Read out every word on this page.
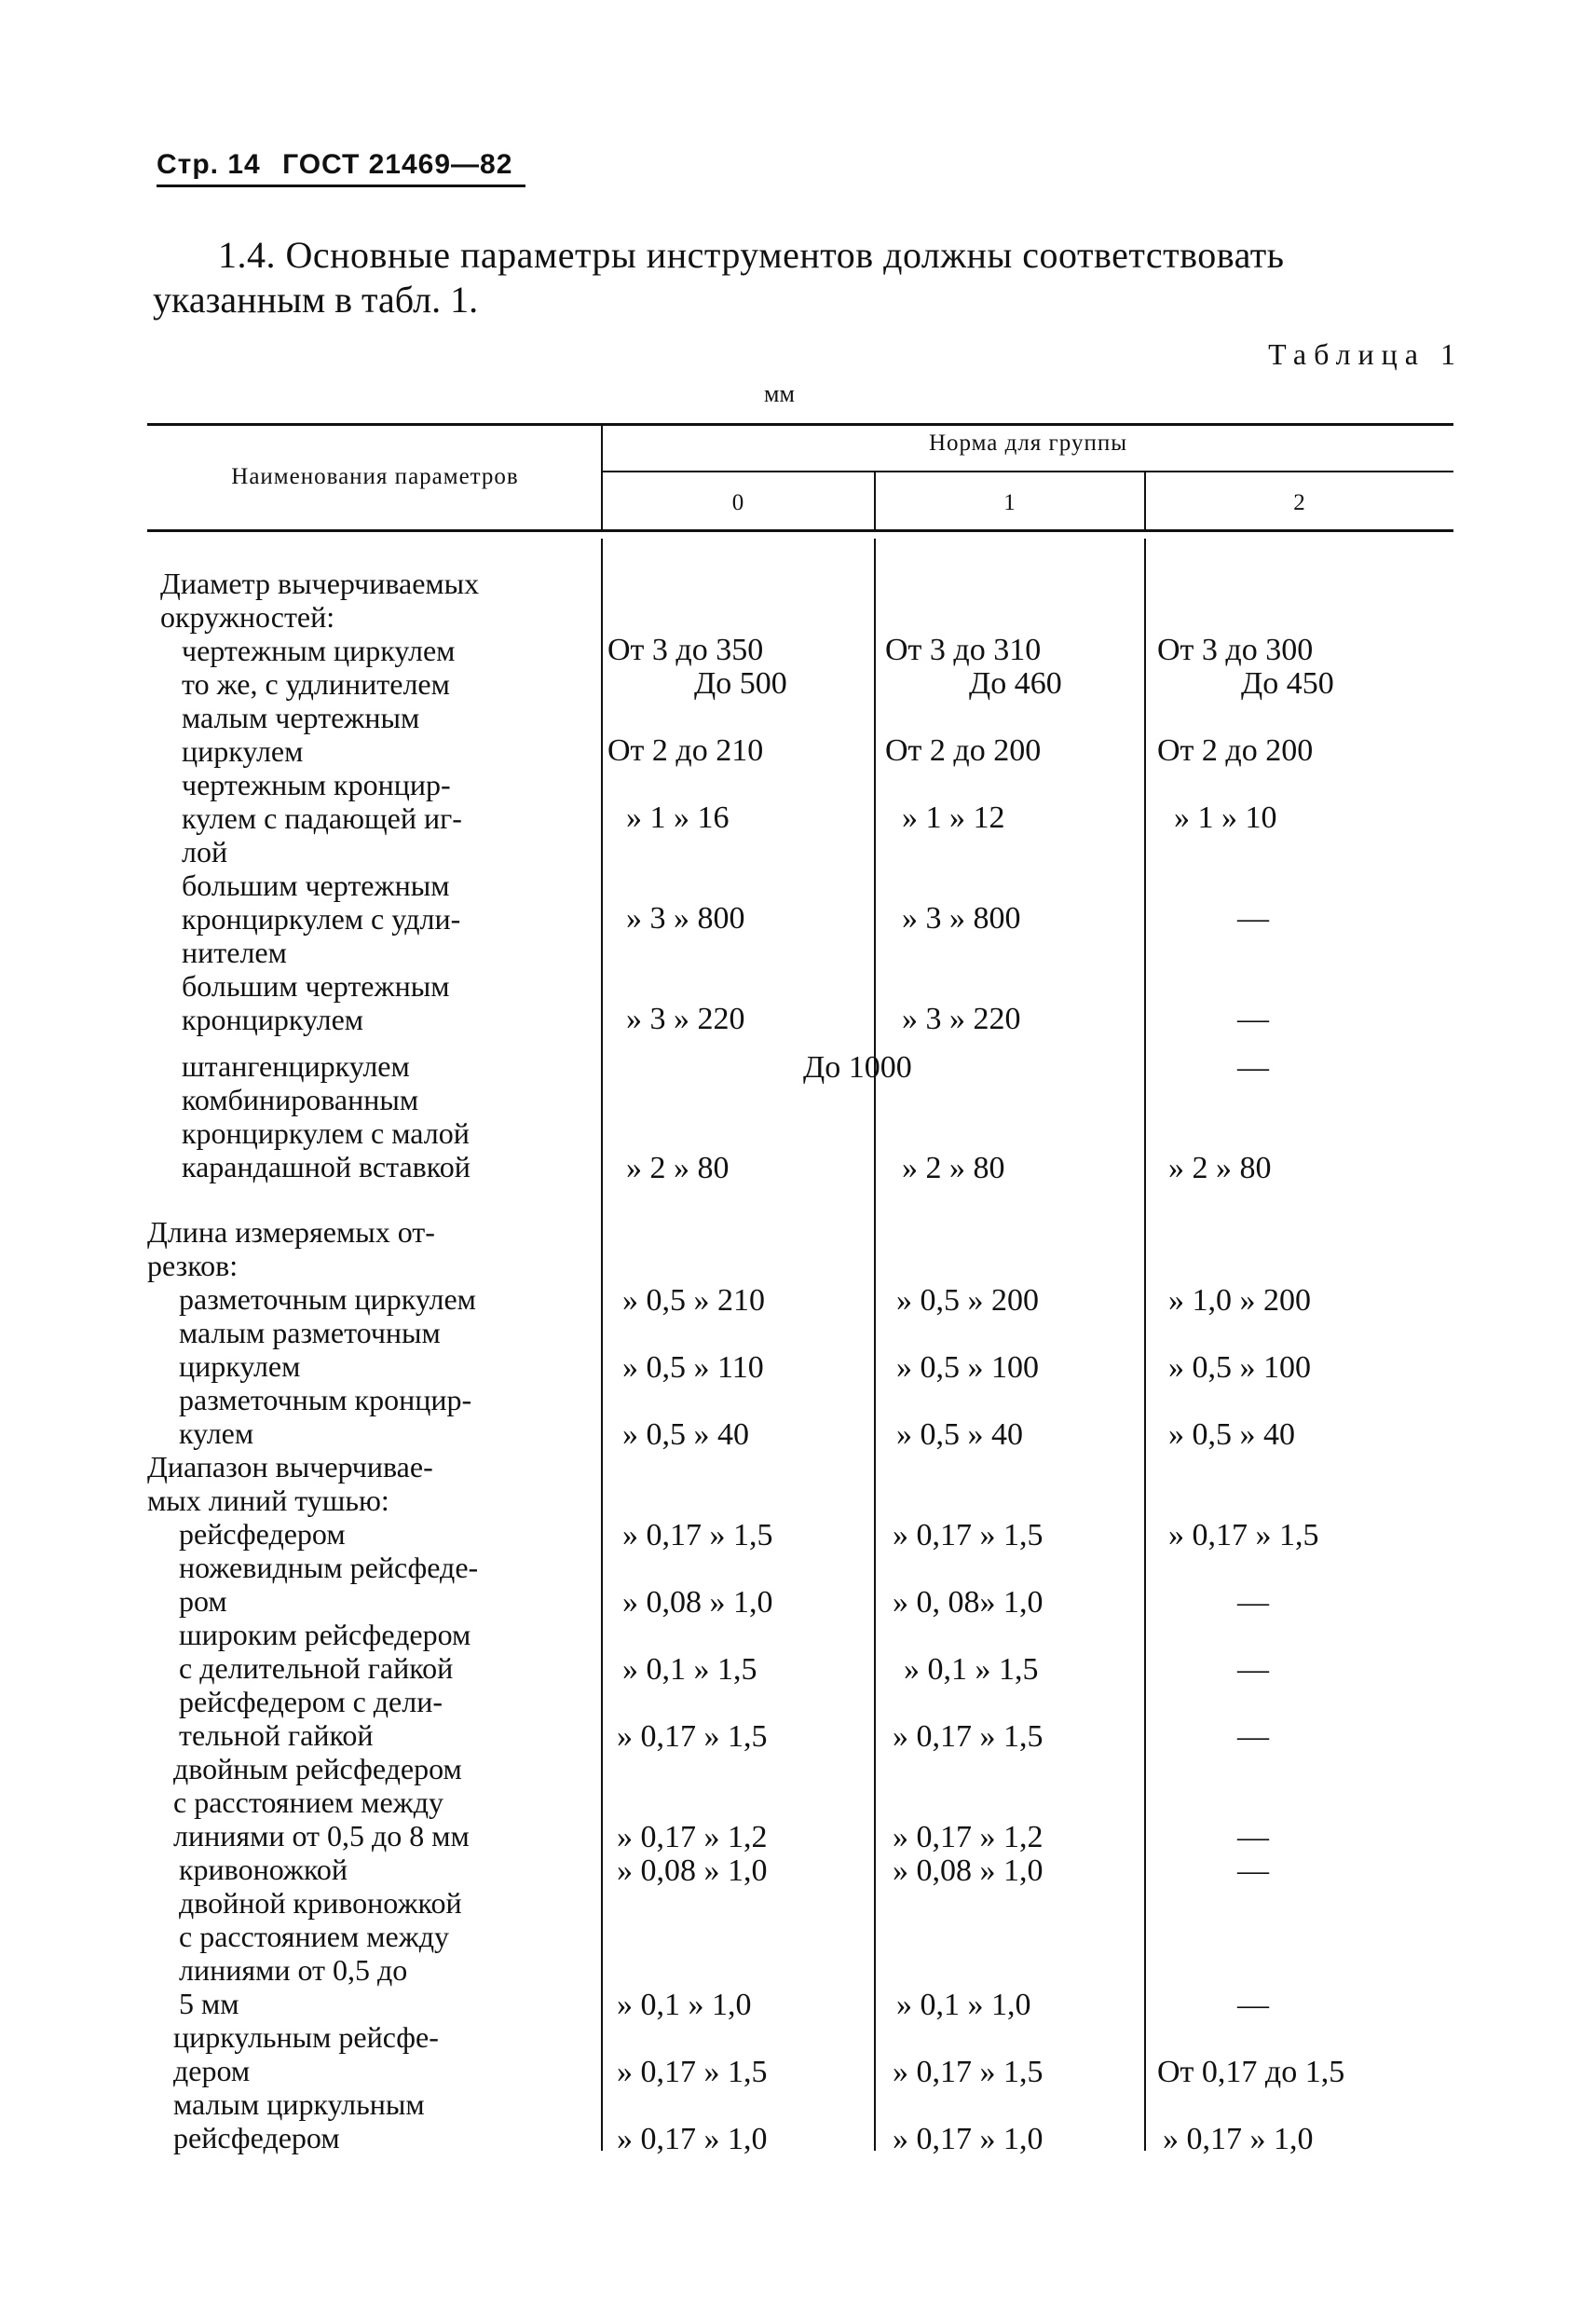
Стр. 14 ГОСТ 21469—82
1.4. Основные параметры инструментов должны соответствовать
указанным в табл. 1.
Таблица 1
мм
Наименования параметров
Норма для группы
0	1	2
Диаметр вычерчиваемых
окружностей:
чертежным циркулем
то же, с удлинителем
малым чертежным
циркулем
чертежным кронцир-
кулем с падающей иг-
лой
большим чертежным
кронциркулем с удли-
нителем
большим чертежным
кронциркулем
штангенциркулем
комбинированным
кронциркулем с малой
карандашной вставкой
Длина измеряемых от-
резков:
разметочным циркулем
малым разметочным
циркулем
разметочным кронцир-
кулем
Диапазон вычерчивае-
мых линий тушью:
рейсфедером
ножевидным рейсфеде-
ром
широким рейсфедером
с делительной гайкой
рейсфедером с дели-
тельной гайкой
двойным рейсфедером
с расстоянием между
линиями от 0,5 до 8 мм
кривоножкой
двойной кривоножкой
с расстоянием между
линиями от 0,5 до
5 мм
циркульным рейсфе-
дером
малым циркульным
рейсфедером
От 3 до 350
До 500
От 2 до 210
» 1 » 16
» 3 » 800
» 3 » 220
До 1000
» 2 » 80
» 0,5 » 210
» 0,5 » 110
» 0,5 » 40
» 0,17 » 1,5
» 0,08 » 1,0
» 0,1 » 1,5
» 0,17 » 1,5
» 0,17 » 1,2
» 0,08 » 1,0
» 0,1 » 1,0
» 0,17 » 1,5
» 0,17 » 1,0
От 3 до 310
До 460
От 2 до 200
» 1 » 12
» 3 » 800
» 3 » 220
» 2 » 80
» 0,5 » 200
» 0,5 » 100
» 0,5 » 40
» 0,17 » 1,5
» 0, 08» 1,0
» 0,1 » 1,5
» 0,17 » 1,5
» 0,17 » 1,2
» 0,08 » 1,0
» 0,1 » 1,0
» 0,17 » 1,5
» 0,17 » 1,0
От 3 до 300
До 450
От 2 до 200
» 1 » 10
—
—
—
» 2 » 80
» 1,0 » 200
» 0,5 » 100
» 0,5 » 40
» 0,17 » 1,5
—
—
—
—
—
—
От 0,17 до 1,5
» 0,17 » 1,0
